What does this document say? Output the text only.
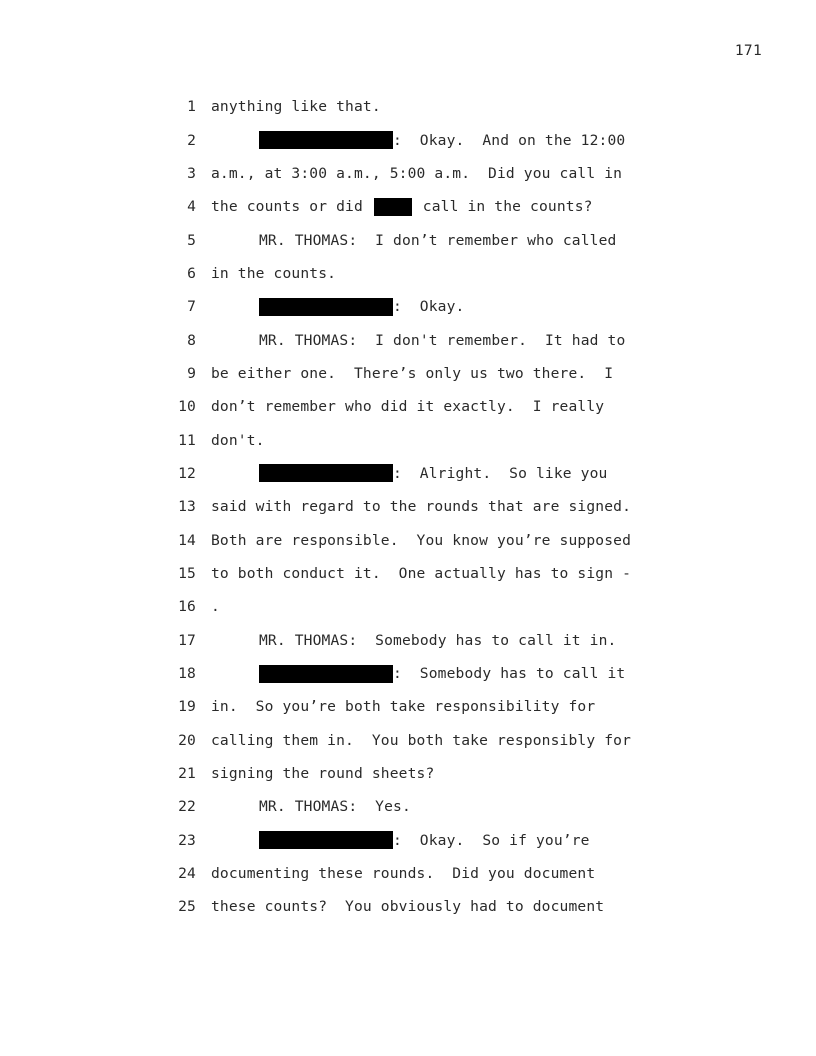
171
1 anything like that.
2	:  Okay.  And on the 12:00
3 a.m., at 3:00 a.m., 5:00 a.m.  Did you call in
4 the counts or did	call in the counts?
5	MR. THOMAS:  I don’t remember who called
6 in the counts.
7	:  Okay.
8	MR. THOMAS:  I don't remember.  It had to
9 be either one.  There’s only us two there.  I
10 don’t remember who did it exactly.  I really
11 don't.
12	:  Alright.  So like you
13 said with regard to the rounds that are signed.
14 Both are responsible.  You know you’re supposed
15 to both conduct it.  One actually has to sign -
16 .
17	MR. THOMAS:  Somebody has to call it in.
18	:  Somebody has to call it
19 in.  So you’re both take responsibility for
20 calling them in.  You both take responsibly for
21 signing the round sheets?
22	MR. THOMAS:  Yes.
23	:  Okay.  So if you’re
24 documenting these rounds.  Did you document
25 these counts?  You obviously had to document
